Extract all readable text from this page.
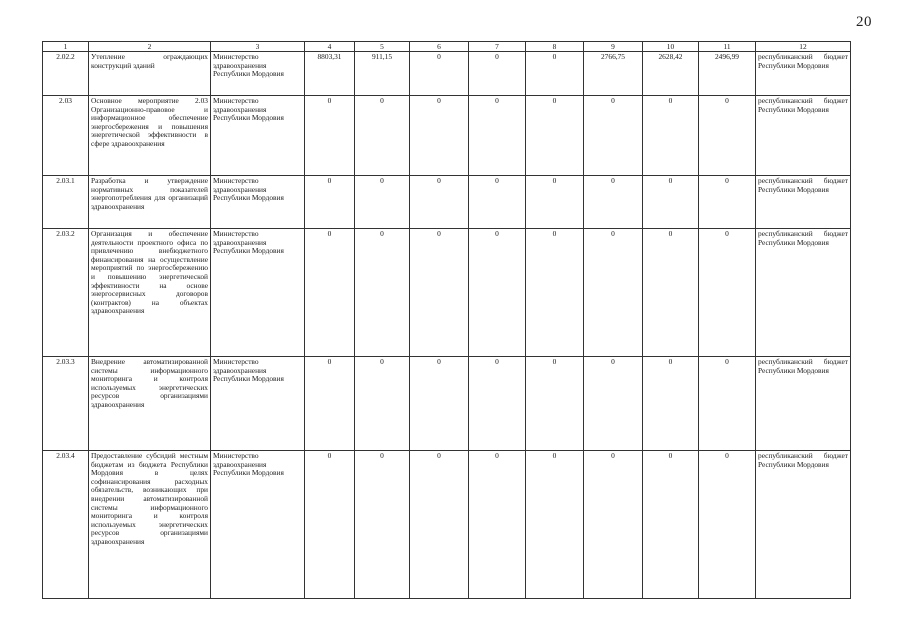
20
1	2	3	4	5	6	7	8	9	10	11	12
2.02.2	Утепление ограждающих конструкций зданий	Министерство здравоохранения Республики Мордовия	8803,31	911,15	0	0	0	2766,75	2628,42	2496,99	республиканский бюджет Республики Мордовия
2.03	Основное мероприятие 2.03 Организационно-правовое и информационное обеспечение энергосбережения и повышения энергетической эффективности в сфере здравоохранения	Министерство здравоохранения Республики Мордовия	0	0	0	0	0	0	0	0	республиканский бюджет Республики Мордовия
2.03.1	Разработка и утверждение нормативных показателей энергопотребления для организаций здравоохранения	Министерство здравоохранения Республики Мордовия	0	0	0	0	0	0	0	0	республиканский бюджет Республики Мордовия
2.03.2	Организация и обеспечение деятельности проектного офиса по привлечению внебюджетного финансирования на осуществление мероприятий по энергосбережению и повышению энергетической эффективности на основе энергосервисных договоров (контрактов) на объектах здравоохранения	Министерство здравоохранения Республики Мордовия	0	0	0	0	0	0	0	0	республиканский бюджет Республики Мордовия
2.03.3	Внедрение автоматизированной системы информационного мониторинга и контроля используемых энергетических ресурсов организациями здравоохранения	Министерство здравоохранения Республики Мордовия	0	0	0	0	0	0	0	0	республиканский бюджет Республики Мордовия
2.03.4	Предоставление субсидий местным бюджетам из бюджета Республики Мордовия в целях софинансирования расходных обязательств, возникающих при внедрении автоматизированной системы информационного мониторинга и контроля используемых энергетических ресурсов организациями здравоохранения	Министерство здравоохранения Республики Мордовия	0	0	0	0	0	0	0	0	республиканский бюджет Республики Мордовия
